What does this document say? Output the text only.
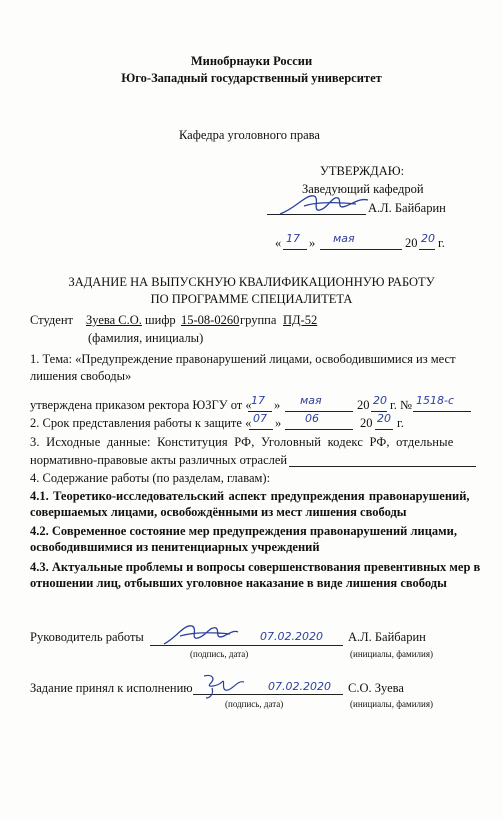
Минобрнауки России
Юго-Западный государственный университет
Кафедра уголовного права
УТВЕРЖДАЮ:
Заведующий кафедрой
А.Л. Байбарин
« 17 » мая	20 20 г.
ЗАДАНИЕ НА ВЫПУСКНУЮ КВАЛИФИКАЦИОННУЮ РАБОТУ
ПО ПРОГРАММЕ СПЕЦИАЛИТЕТА
Студент Зуева С.О. шифр 15-08-0260 группа ПД-52
(фамилия, инициалы)
1. Тема: «Предупреждение правонарушений лицами, освободившимися из мест
лишения свободы»
утверждена приказом ректора ЮЗГУ от « 17 » мая	20 20 г. № 1518-с
2. Срок представления работы к защите « 07 » 06	20 20 г.
3. Исходные данные: Конституция РФ, Уголовный кодекс РФ, отдельные
нормативно-правовые акты различных отраслей
4. Содержание работы (по разделам, главам):
4.1. Теоретико-исследовательский аспект предупреждения правонарушений,
совершаемых лицами, освобождёнными из мест лишения свободы
4.2. Современное состояние мер предупреждения правонарушений лицами,
освободившимися из пенитенциарных учреждений
4.3. Актуальные проблемы и вопросы совершенствования превентивных мер в
отношении лиц, отбывших уголовное наказание в виде лишения свободы
Руководитель работы	07.02.2020 А.Л. Байбарин
(подпись, дата)	(инициалы, фамилия)
Задание принял к исполнению	07.02.2020 С.О. Зуева
(подпись, дата)	(инициалы, фамилия)
